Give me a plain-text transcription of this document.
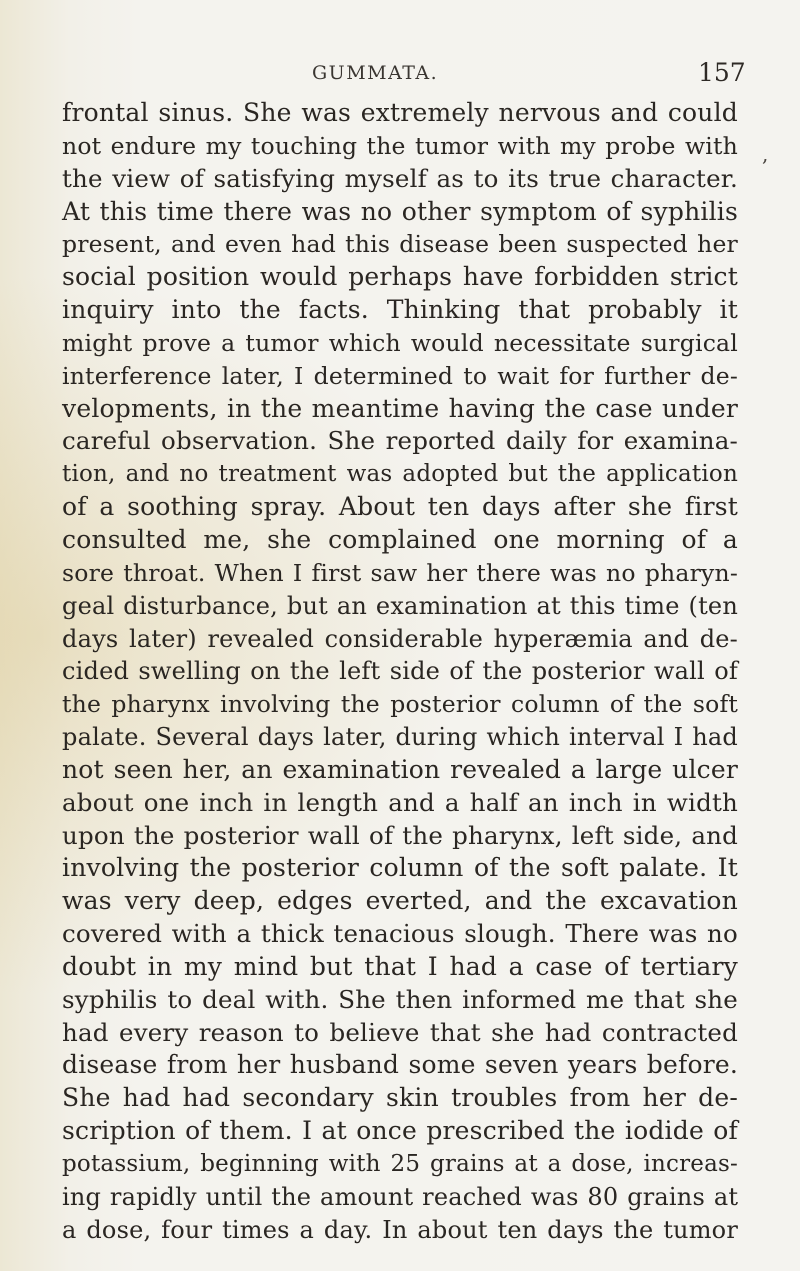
GUMMATA.	157
,
frontal sinus. She was extremely nervous and could
not endure my touching the tumor with my probe with
the view of satisfying myself as to its true character.
At this time there was no other symptom of syphilis
present, and even had this disease been suspected her
social position would perhaps have forbidden strict
inquiry into the facts. Thinking that probably it
might prove a tumor which would necessitate surgical
interference later, I determined to wait for further de-
velopments, in the meantime having the case under
careful observation. She reported daily for examina-
tion, and no treatment was adopted but the application
of a soothing spray. About ten days after she first
consulted me, she complained one morning of a
sore throat. When I first saw her there was no pharyn-
geal disturbance, but an examination at this time (ten
days later) revealed considerable hyperæmia and de-
cided swelling on the left side of the posterior wall of
the pharynx involving the posterior column of the soft
palate. Several days later, during which interval I had
not seen her, an examination revealed a large ulcer
about one inch in length and a half an inch in width
upon the posterior wall of the pharynx, left side, and
involving the posterior column of the soft palate. It
was very deep, edges everted, and the excavation
covered with a thick tenacious slough. There was no
doubt in my mind but that I had a case of tertiary
syphilis to deal with. She then informed me that she
had every reason to believe that she had contracted
disease from her husband some seven years before.
She had had secondary skin troubles from her de-
scription of them. I at once prescribed the iodide of
potassium, beginning with 25 grains at a dose, increas-
ing rapidly until the amount reached was 80 grains at
a dose, four times a day. In about ten days the tumor
